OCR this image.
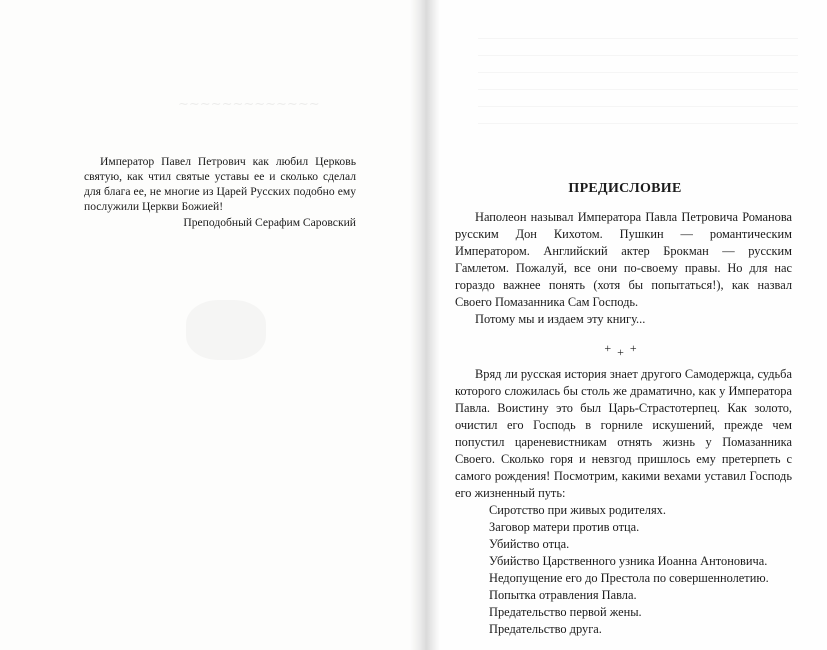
∼∼∼∼∼∼∼∼∼∼∼∼∼

Император Павел Петрович как любил Церковь святую, как чтил святые уставы ее и сколько сделал для блага ее, не многие из Царей Русских подобно ему послужили Церкви Божией!

Преподобный Серафим Саровский

ПРЕДИСЛОВИЕ

Наполеон называл Императора Павла Петровича Романова русским Дон Кихотом. Пушкин — романтическим Императором. Английский актер Брокман — русским Гамлетом. Пожалуй, все они по-своему правы. Но для нас гораздо важнее понять (хотя бы попытаться!), как назвал Своего Помазанника Сам Господь.

Потому мы и издаем эту книгу...

+++

Вряд ли русская история знает другого Самодержца, судьба которого сложилась бы столь же драматично, как у Императора Павла. Воистину это был Царь-Страстотерпец. Как золото, очистил его Господь в горниле искушений, прежде чем попустил цареневистникам отнять жизнь у Помазанника Своего. Сколько горя и невзгод пришлось ему претерпеть с самого рождения! Посмотрим, какими вехами уставил Господь его жизненный путь:

Сиротство при живых родителях.
Заговор матери против отца.
Убийство отца.
Убийство Царственного узника Иоанна Антоновича.
Недопущение его до Престола по совершеннолетию.
Попытка отравления Павла.
Предательство первой жены.
Предательство друга.
